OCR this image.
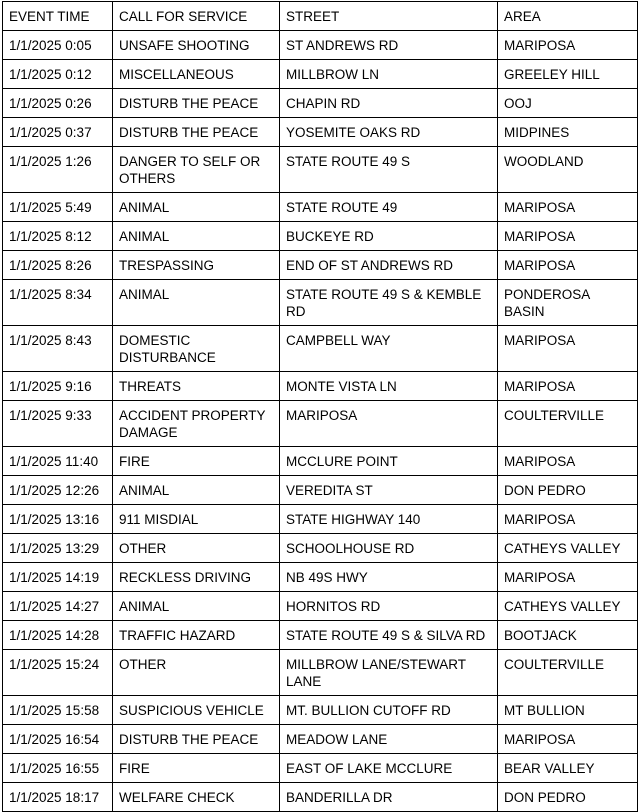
EVENT TIME	CALL FOR SERVICE	STREET	AREA
1/1/2025 0:05	UNSAFE SHOOTING	ST ANDREWS RD	MARIPOSA
1/1/2025 0:12	MISCELLANEOUS	MILLBROW LN	GREELEY HILL
1/1/2025 0:26	DISTURB THE PEACE	CHAPIN RD	OOJ
1/1/2025 0:37	DISTURB THE PEACE	YOSEMITE OAKS RD	MIDPINES
1/1/2025 1:26	DANGER TO SELF OR OTHERS	STATE ROUTE 49 S	WOODLAND
1/1/2025 5:49	ANIMAL	STATE ROUTE 49	MARIPOSA
1/1/2025 8:12	ANIMAL	BUCKEYE RD	MARIPOSA
1/1/2025 8:26	TRESPASSING	END OF ST ANDREWS RD	MARIPOSA
1/1/2025 8:34	ANIMAL	STATE ROUTE 49 S & KEMBLE RD	PONDEROSA BASIN
1/1/2025 8:43	DOMESTIC DISTURBANCE	CAMPBELL WAY	MARIPOSA
1/1/2025 9:16	THREATS	MONTE VISTA LN	MARIPOSA
1/1/2025 9:33	ACCIDENT PROPERTY DAMAGE	MARIPOSA	COULTERVILLE
1/1/2025 11:40	FIRE	MCCLURE POINT	MARIPOSA
1/1/2025 12:26	ANIMAL	VEREDITA ST	DON PEDRO
1/1/2025 13:16	911 MISDIAL	STATE HIGHWAY 140	MARIPOSA
1/1/2025 13:29	OTHER	SCHOOLHOUSE RD	CATHEYS VALLEY
1/1/2025 14:19	RECKLESS DRIVING	NB 49S HWY	MARIPOSA
1/1/2025 14:27	ANIMAL	HORNITOS RD	CATHEYS VALLEY
1/1/2025 14:28	TRAFFIC HAZARD	STATE ROUTE 49 S & SILVA RD	BOOTJACK
1/1/2025 15:24	OTHER	MILLBROW LANE/STEWART LANE	COULTERVILLE
1/1/2025 15:58	SUSPICIOUS VEHICLE	MT. BULLION CUTOFF RD	MT BULLION
1/1/2025 16:54	DISTURB THE PEACE	MEADOW LANE	MARIPOSA
1/1/2025 16:55	FIRE	EAST OF LAKE MCCLURE	BEAR VALLEY
1/1/2025 18:17	WELFARE CHECK	BANDERILLA DR	DON PEDRO
